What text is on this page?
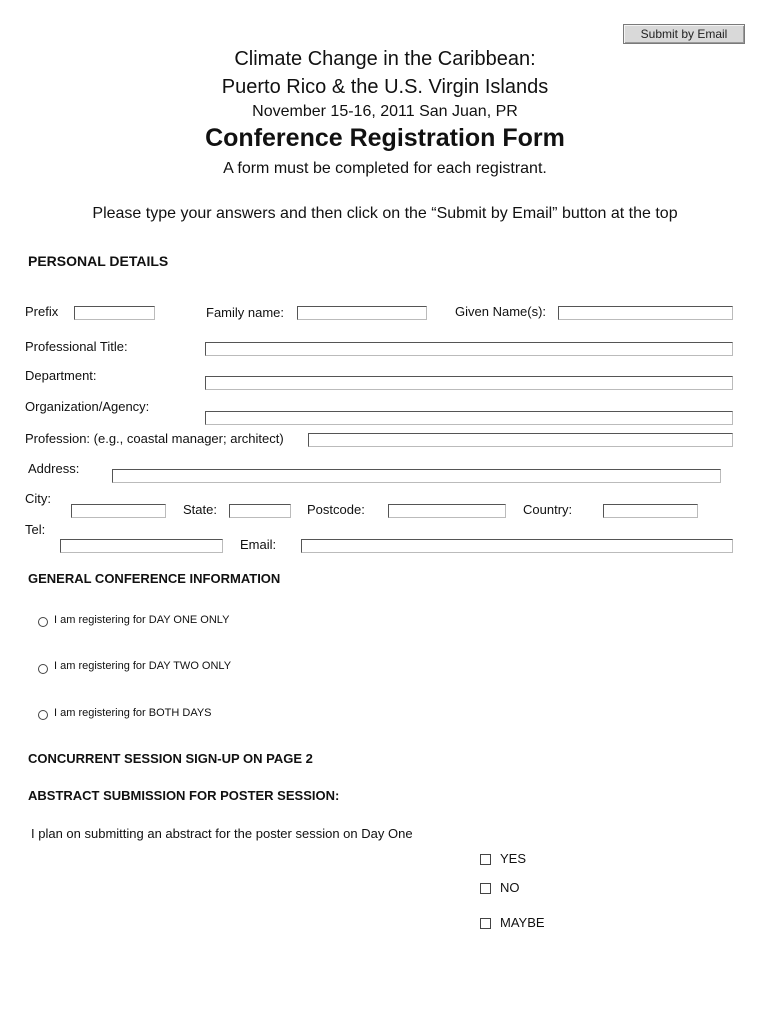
Submit by Email
Climate Change in the Caribbean:
Puerto Rico & the U.S. Virgin Islands
November 15-16, 2011 San Juan, PR
Conference Registration Form
A form must be completed for each registrant.
Please type your answers and then click on the “Submit by Email” button at the top
PERSONAL DETAILS
Prefix	Family name:	Given Name(s):
Professional Title:
Department:
Organization/Agency:
Profession: (e.g., coastal manager; architect)
Address:
City:
State:	Postcode:	Country:
Tel:
Email:
GENERAL CONFERENCE INFORMATION
I am registering for DAY ONE ONLY
I am registering for DAY TWO ONLY
I am registering for BOTH DAYS
CONCURRENT SESSION SIGN-UP ON PAGE 2
ABSTRACT SUBMISSION FOR POSTER SESSION:
I plan on submitting an abstract for the poster session on Day One
YES
NO
MAYBE
